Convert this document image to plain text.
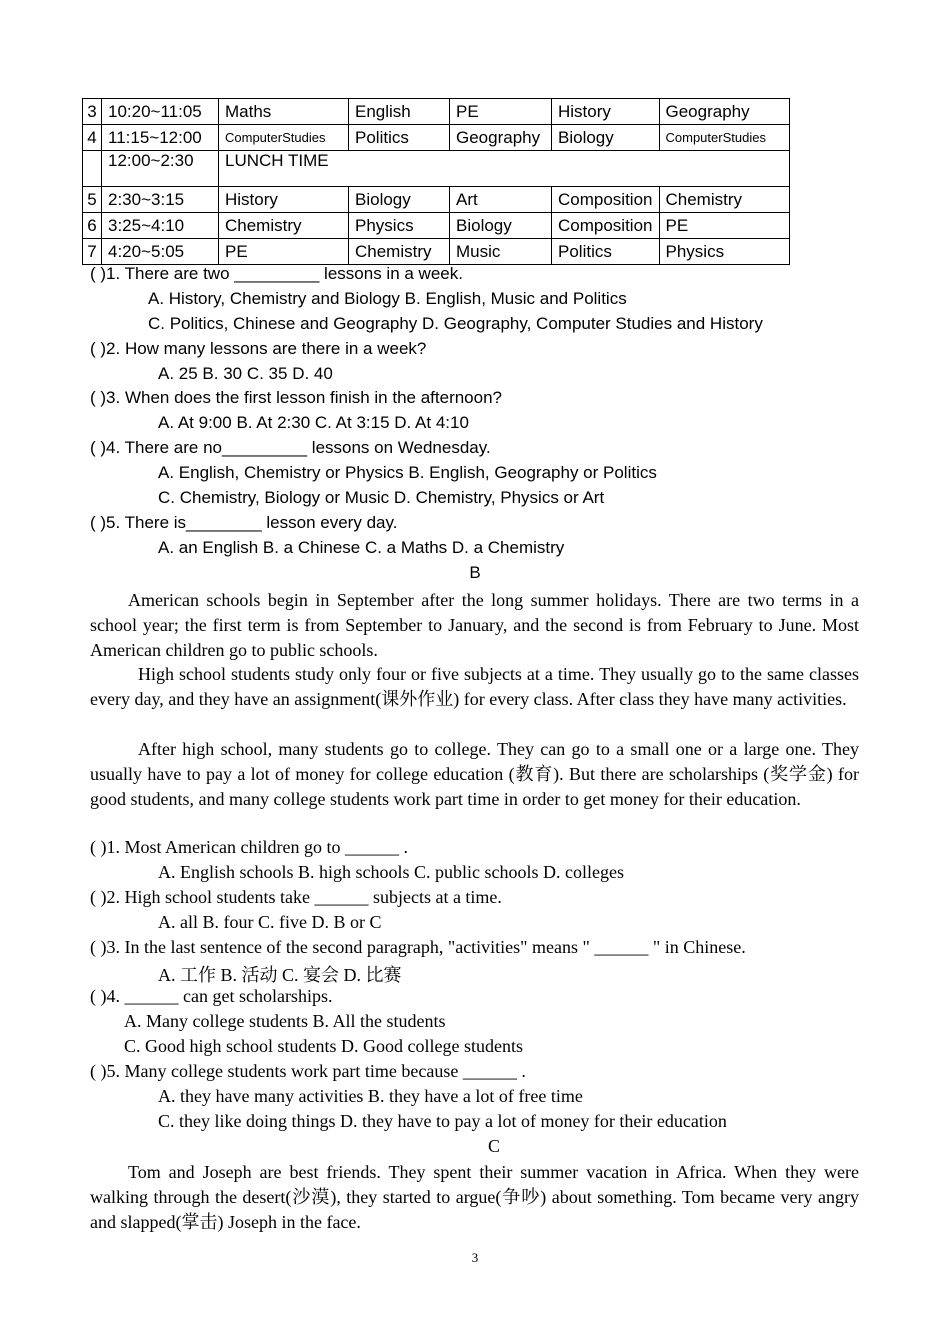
3	10:20~11:05	Maths	English	PE	History	Geography
4	11:15~12:00	ComputerStudies	Politics	Geography	Biology	ComputerStudies
	12:00~2:30	LUNCH TIME				
5	2:30~3:15	History	Biology	Art	Composition	Chemistry
6	3:25~4:10	Chemistry	Physics	Biology	Composition	PE
7	4:20~5:05	PE	Chemistry	Music	Politics	Physics
( )1. There are two _________ lessons in a week.
A. History, Chemistry and Biology B. English, Music and Politics
C. Politics, Chinese and Geography D. Geography, Computer Studies and History
( )2. How many lessons are there in a week?
A. 25 B. 30 C. 35 D. 40
( )3. When does the first lesson finish in the afternoon?
A. At 9:00 B. At 2:30 C. At 3:15 D. At 4:10
( )4. There are no_________ lessons on Wednesday.
A. English, Chemistry or Physics B. English, Geography or Politics
C. Chemistry, Biology or Music D. Chemistry, Physics or Art
( )5. There is________ lesson every day.
A. an English B. a Chinese C. a Maths D. a Chemistry
B
American schools begin in September after the long summer holidays. There are two terms in a school year; the first term is from September to January, and the second is from February to June. Most American children go to public schools.
High school students study only four or five subjects at a time. They usually go to the same classes every day, and they have an assignment(课外作业) for every class. After class they have many activities.
After high school, many students go to college. They can go to a small one or a large one. They usually have to pay a lot of money for college education (教育). But there are scholarships (奖学金) for good students, and many college students work part time in order to get money for their education.
( )1. Most American children go to ______ .
A. English schools B. high schools C. public schools D. colleges
( )2. High school students take ______ subjects at a time.
A. all B. four C. five D. B or C
( )3. In the last sentence of the second paragraph, "activities" means " ______ " in Chinese.
A. 工作 B. 活动 C. 宴会 D. 比赛
( )4. ______ can get scholarships.
A. Many college students B. All the students
C. Good high school students D. Good college students
( )5. Many college students work part time because ______ .
A. they have many activities B. they have a lot of free time
C. they like doing things D. they have to pay a lot of money for their education
C
Tom and Joseph are best friends. They spent their summer vacation in Africa. When they were walking through the desert(沙漠), they started to argue(争吵) about something. Tom became very angry and slapped(掌击) Joseph in the face.
3
